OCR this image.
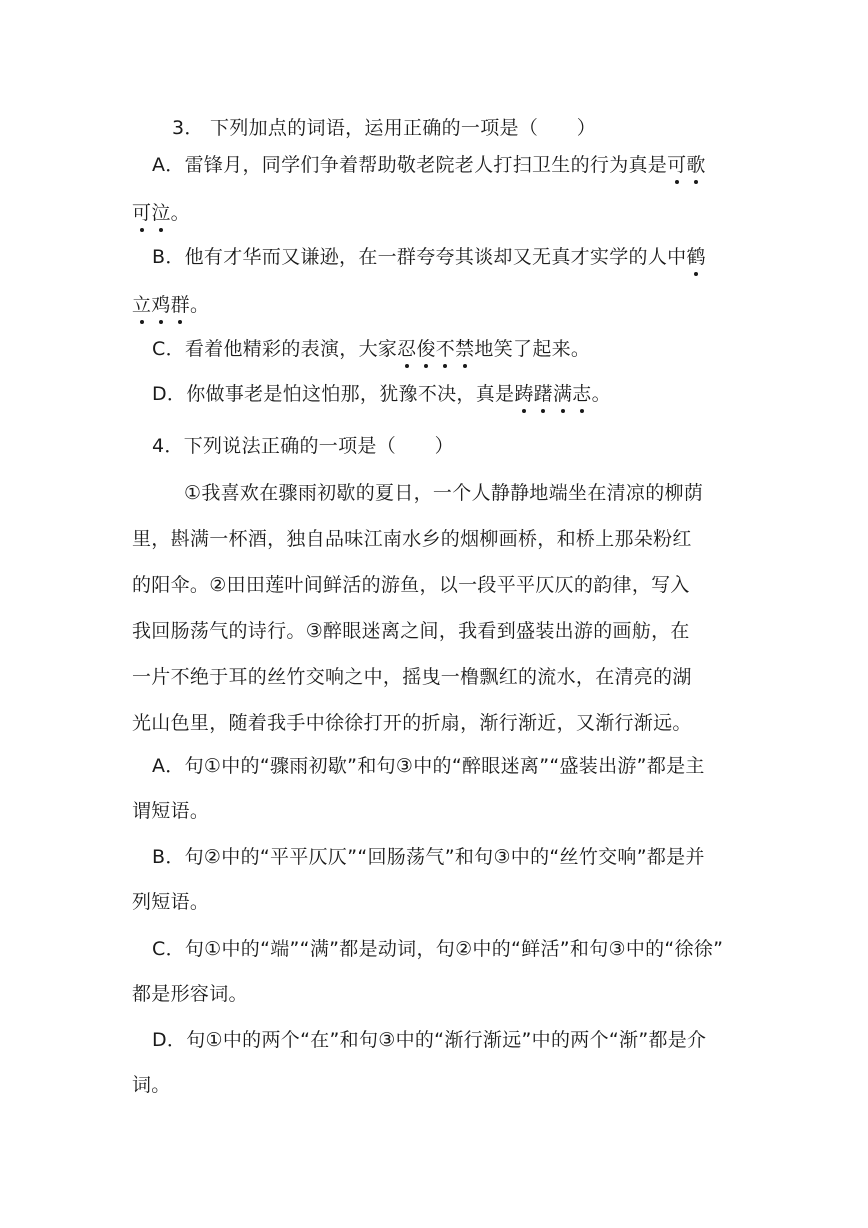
3． 下列加点的词语，运用正确的一项是（　　）
A．雷锋月，同学们争着帮助敬老院老人打扫卫生的行为真是可歌
可泣。
B．他有才华而又谦逊，在一群夸夸其谈却又无真才实学的人中鹤
立鸡群。
C．看着他精彩的表演，大家忍俊不禁地笑了起来。
D．你做事老是怕这怕那，犹豫不决，真是踌躇满志。
4．下列说法正确的一项是（　　）
①我喜欢在骤雨初歇的夏日，一个人静静地端坐在清凉的柳荫
里，斟满一杯酒，独自品味江南水乡的烟柳画桥，和桥上那朵粉红
的阳伞。②田田莲叶间鲜活的游鱼，以一段平平仄仄的韵律，写入
我回肠荡气的诗行。③醉眼迷离之间，我看到盛装出游的画舫，在
一片不绝于耳的丝竹交响之中，摇曳一橹飘红的流水，在清亮的湖
光山色里，随着我手中徐徐打开的折扇，渐行渐近，又渐行渐远。
A．句①中的“骤雨初歇”和句③中的“醉眼迷离”“盛装出游”都是主
谓短语。
B．句②中的“平平仄仄”“回肠荡气”和句③中的“丝竹交响”都是并
列短语。
C．句①中的“端”“满”都是动词，句②中的“鲜活”和句③中的“徐徐”
都是形容词。
D．句①中的两个“在”和句③中的“渐行渐远”中的两个“渐”都是介
词。
